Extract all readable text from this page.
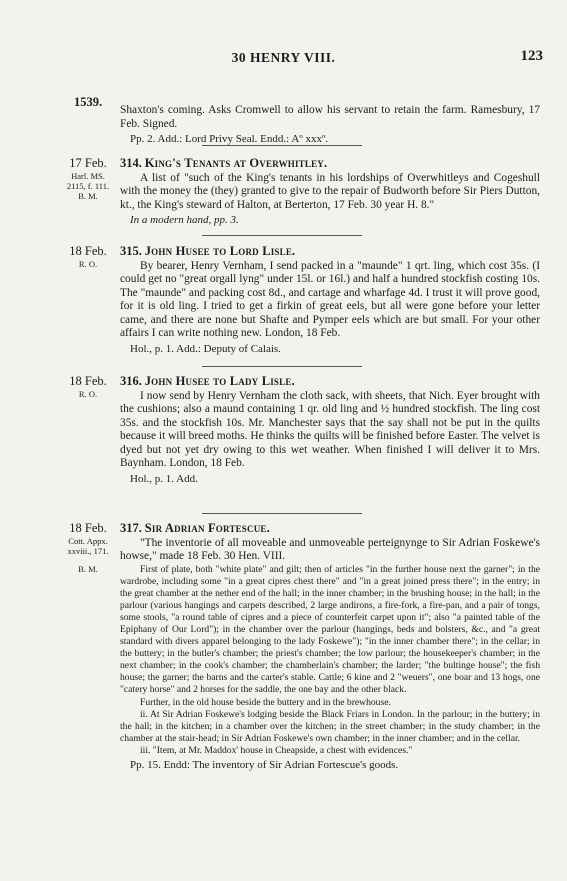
30 HENRY VIII.	123
1539.

Shaxton's coming. Asks Cromwell to allow his servant to retain the farm. Ramesbury, 17 Feb. Signed.

Pp. 2. Add.: Lord Privy Seal. Endd.: Aº xxxº.
17 Feb.
Harl. MS.
2115, f. 111.
B. M.
314. King's Tenants at Overwhitley.

A list of "such of the King's tenants in his lordships of Overwhitleys and Cogeshull with the money the (they) granted to give to the repair of Budworth before Sir Piers Dutton, kt., the King's steward of Halton, at Berterton, 17 Feb. 30 year H. 8."

In a modern hand, pp. 3.
18 Feb.
R. O.
315. John Husee to Lord Lisle.

By bearer, Henry Vernham, I send packed in a "maunde" 1 qrt. ling, which cost 35s. (I could get no "great orgall lyng" under 15l. or 16l.) and half a hundred stockfish costing 10s. The "maunde" and packing cost 8d., and cartage and wharfage 4d. I trust it will prove good, for it is old ling. I tried to get a firkin of great eels, but all were gone before your letter came, and there are none but Shafte and Pymper eels which are but small. For your other affairs I can write nothing new. London, 18 Feb.

Hol., p. 1. Add.: Deputy of Calais.
18 Feb.
R. O.
316. John Husee to Lady Lisle.

I now send by Henry Vernham the cloth sack, with sheets, that Nich. Eyer brought with the cushions; also a maund containing 1 qr. old ling and ½ hundred stockfish. The ling cost 35s. and the stockfish 10s. Mr. Manchester says that the say shall not be put in the quilts because it will breed moths. He thinks the quilts will be finished before Easter. The velvet is dyed but not yet dry owing to this wet weather. When finished I will deliver it to Mrs. Baynham. London, 18 Feb.

Hol., p. 1. Add.
18 Feb.
Cott. Appx.
xxviii., 171.
B. M.
317. Sir Adrian Fortescue.

"The inventorie of all moveable and unmoveable perteignynge to Sir Adrian Foskewe's howse," made 18 Feb. 30 Hen. VIII.

First of plate, both "white plate" and gilt; then of articles "in the further house next the garner"; in the wardrobe, including some "in a great cipres chest there" and "in a great joined press there"; in the entry; in the great chamber at the nether end of the hall; in the inner chamber; in the brushing house; in the hall; in the parlour (various hangings and carpets described, 2 large andirons, a fire-fork, a fire-pan, and a pair of tongs, some stools, "a round table of cipres and a piece of counterfeit carpet upon it"; also "a painted table of the Epiphany of Our Lord"); in the chamber over the parlour (hangings, beds and bolsters, &c., and "a great standard with divers apparel belonging to the lady Foskewe"); "in the inner chamber there"; in the cellar; in the buttery; in the butler's chamber; the priest's chamber; the low parlour; the housekeeper's chamber; in the next chamber; in the cook's chamber; the chamberlain's chamber; the larder; "the bultinge house"; the fish house; the garner; the barns and the carter's stable. Cattle; 6 kine and 2 "weuers", one boar and 13 hogs, one "catery horse" and 2 horses for the saddle, the one bay and the other black.

Further, in the old house beside the buttery and in the brewhouse.

ii. At Sir Adrian Foskewe's lodging beside the Black Friars in London. In the parlour; in the buttery; in the hall; in the kitchen; in a chamber over the kitchen; in the street chamber; in the study chamber; in the chamber at the stair-head; in Sir Adrian Foskewe's own chamber; in the inner chamber; and in the cellar.

iii. "Item, at Mr. Maddox' house in Cheapside, a chest with evidences."

Pp. 15. Endd: The inventory of Sir Adrian Fortescue's goods.
